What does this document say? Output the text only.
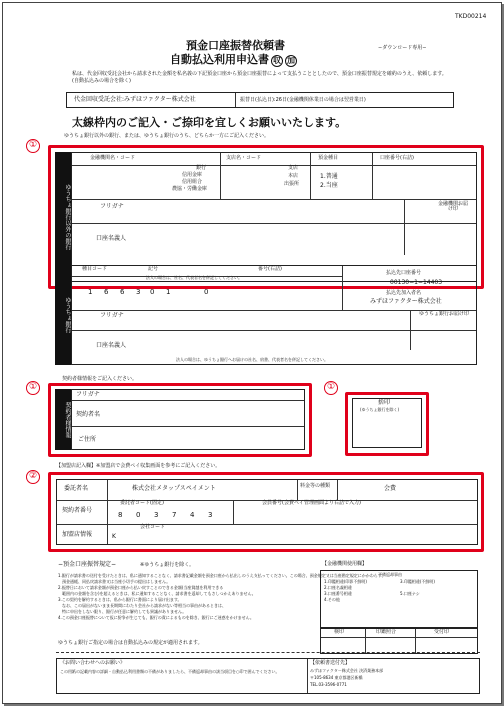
TKD00214
−ダウンロード専用−
預金口座振替依頼書
自動払込利用申込書 収 加
私は、代金回収受託会社から請求された金額を私名義の下記預金口座から預金口座振替によって支払うこととしたので、預金口座振替規定を確約のうえ、依頼します。(自動払込みの場合を除く)
代金回収受託会社:みずほファクター株式会社	振替日(払込日):26日(金融機関休業日の場合は翌営業日)
太線枠内のご記入・ご捺印を宜しくお願いいたします。
ゆうちょ銀行以外の銀行、または、ゆうちょ銀行のうち、どちらか一方にご記入ください。
①
ゆうちょ銀行以外の銀行
金融機関名・コード	支店名・コード	預金種目	口座番号(右詰)
銀行
信用金庫
信用組合
農協・労働金庫
支店
本店
出張所
1.普通
2.当座
フリガナ
口座名義人
金融機関お届け印
法人の場合は、社名、代表者名を併記してください。
ゆうちょ銀行
種目コード	記号	番号(右詰)
1 6 6 3 0 1	0
払込先口座番号
00130−1−14403
払込先加入者名
みずほファクター株式会社
フリガナ
口座名義人
ゆうちょ銀行お届け印
法人の場合は、ゆうちょ銀行へお届けの社名、肩書、代表者名を併記してください。
契約者様情報をご記入ください。
①
契約者様情報
フリガナ
契約者名
ご住所
①
捨印
(ゆうちょ銀行を除く)
【加盟店記入欄】※加盟店で会費ペイ収集画面を参考にご記入ください。
②
委託者名	株式会社メタップスペイメント	料金等の種類	会費
契約者番号
委託者コード(固定)	会員番号(会費ペイ管理画面より右詰で入力)
8 0 3 7 4 3
加盟店情報
会社コード
K
−預金口座振替規定−	※ゆうちょ銀行を除く。
1.銀行が請求書の送付を受けたときは、私に通知することなく、請求書記載金額を預金口座から払出しのうえ支払ってください。この場合、預金規定又は当座勘定規定にかかわらず、
　預金通帳、同払戻請求書又は当座小切手の提出はしません。
2.振替日において請求金額が預金口座から払い戻すことのできる金額(当座貸越を利用できる
　範囲内の金額を含む)を超えるときは、私に通知することなく、請求書を返却してもさしつかえありません。
3.この契約を解約するときは、私から銀行に書面により届け出ます。
　なお、この届出がないまま長期間にわたり会社から請求がない等相当の事由があるときは、
　特に申出をしない限り、銀行が任意に解約しても異議がありません。
4.この預金口座振替について仮に紛争が生じても、銀行の責によるものを除き、銀行にご迷惑をかけません。
ゆうちょ銀行ご指定の場合は自動払込みの規定が適用されます。
【金融機関使用欄】
不備返却事由
1.印鑑相違(印影不鮮明)	3.印鑑相違(不鮮明)
2.口座名義相違
3.口座番号相違	5.口座ナシ
4.その他
検印	印鑑照合	受付印
《お問い合わせへのお願い》
この用紙の記載内容の詳細・自動払込利用書類の不備がありましたら、不備返却事由の該当項目を○印で囲んでください。
【依頼書送付先】
みずほファクター株式会社 決済業務本部
〒105-8634 東京都港区新橋
TEL.03-3596-0771
